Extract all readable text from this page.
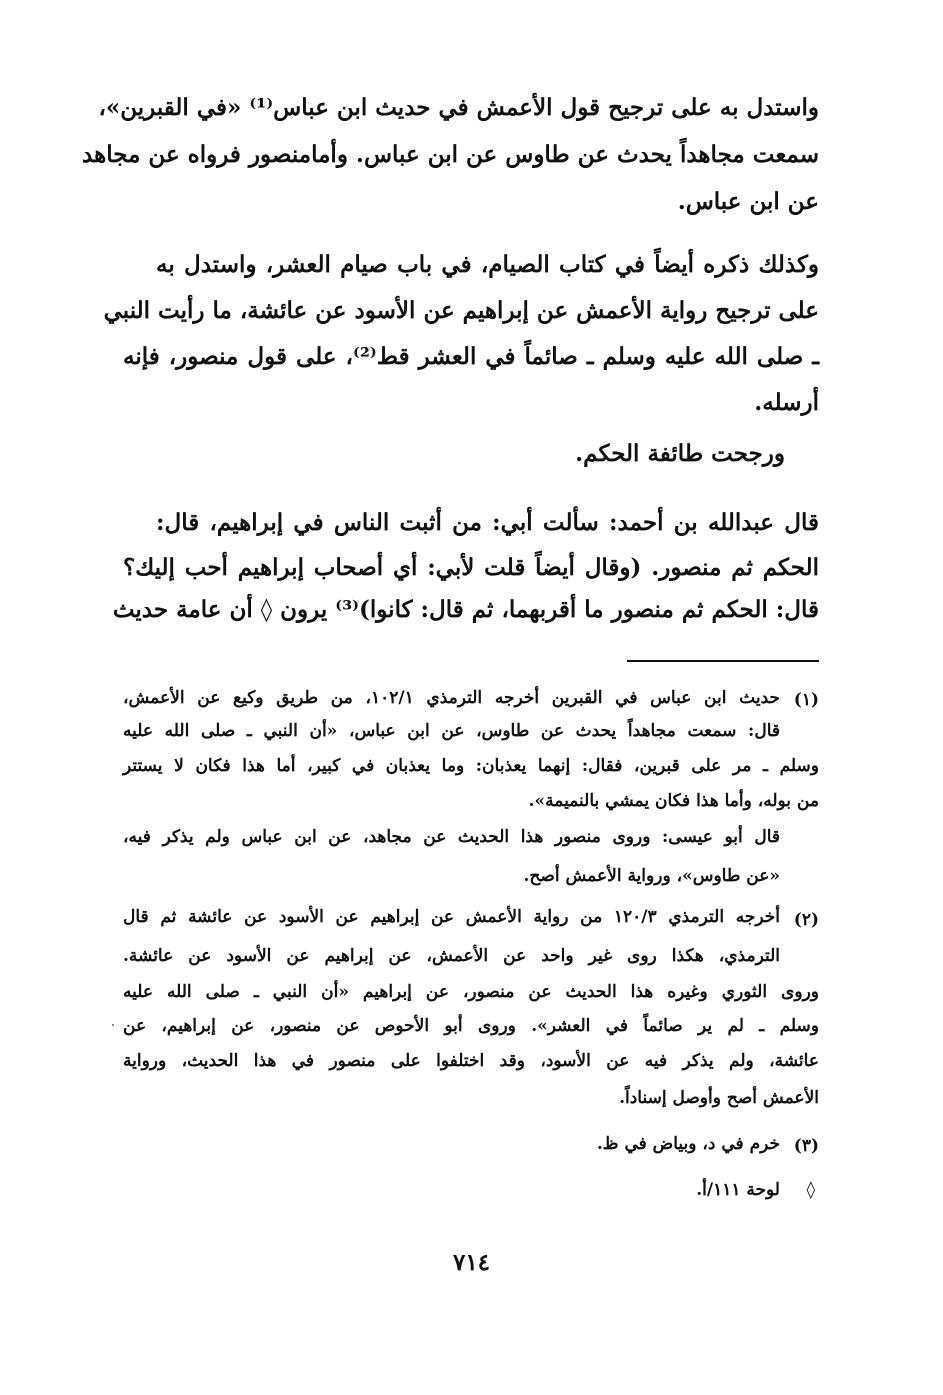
واستدل به على ترجيح قول الأعمش في حديث ابن عباس⁽¹⁾ «في القبرين»،
سمعت مجاهداً يحدث عن طاوس عن ابن عباس. وأمامنصور فرواه عن مجاهد
عن ابن عباس.
وكذلك ذكره أيضاً في كتاب الصيام، في باب صيام العشر، واستدل به
على ترجيح رواية الأعمش عن إبراهيم عن الأسود عن عائشة، ما رأيت النبي
ـ صلى الله عليه وسلم ـ صائماً في العشر قط⁽²⁾، على قول منصور، فإنه
أرسله.
ورجحت طائفة الحكم.
قال عبدالله بن أحمد: سألت أبي: من أثبت الناس في إبراهيم، قال:
الحكم ثم منصور. (وقال أيضاً قلت لأبي: أي أصحاب إبراهيم أحب إليك؟
قال: الحكم ثم منصور ما أقربهما، ثم قال: كانوا)⁽³⁾ يرون ◊ أن عامة حديث
(١)
حديث ابن عباس في القبرين أخرجه الترمذي ١٠٢/١، من طريق وكيع عن الأعمش،
قال: سمعت مجاهداً يحدث عن طاوس، عن ابن عباس، «أن النبي ـ صلى الله عليه
وسلم ـ مر على قبرين، فقال: إنهما يعذبان: وما يعذبان في كبير، أما هذا فكان لا يستتر
من بوله، وأما هذا فكان يمشي بالنميمة».
قال أبو عيسى: وروى منصور هذا الحديث عن مجاهد، عن ابن عباس ولم يذكر فيه،
«عن طاوس»، ورواية الأعمش أصح.
(٢)
أخرجه الترمذي ١٢٠/٣ من رواية الأعمش عن إبراهيم عن الأسود عن عائشة ثم قال
الترمذي، هكذا روى غير واحد عن الأعمش، عن إبراهيم عن الأسود عن عائشة.
وروى الثوري وغيره هذا الحديث عن منصور، عن إبراهيم «أن النبي ـ صلى الله عليه
وسلم ـ لم ير صائماً في العشر». وروى أبو الأحوص عن منصور، عن إبراهيم، عن
عائشة، ولم يذكر فيه عن الأسود، وقد اختلفوا على منصور في هذا الحديث، ورواية
الأعمش أصح وأوصل إسناداً.
(٣)
خرم في د، وبياض في ظ.
◊
لوحة ١١١/أ.
٧١٤
